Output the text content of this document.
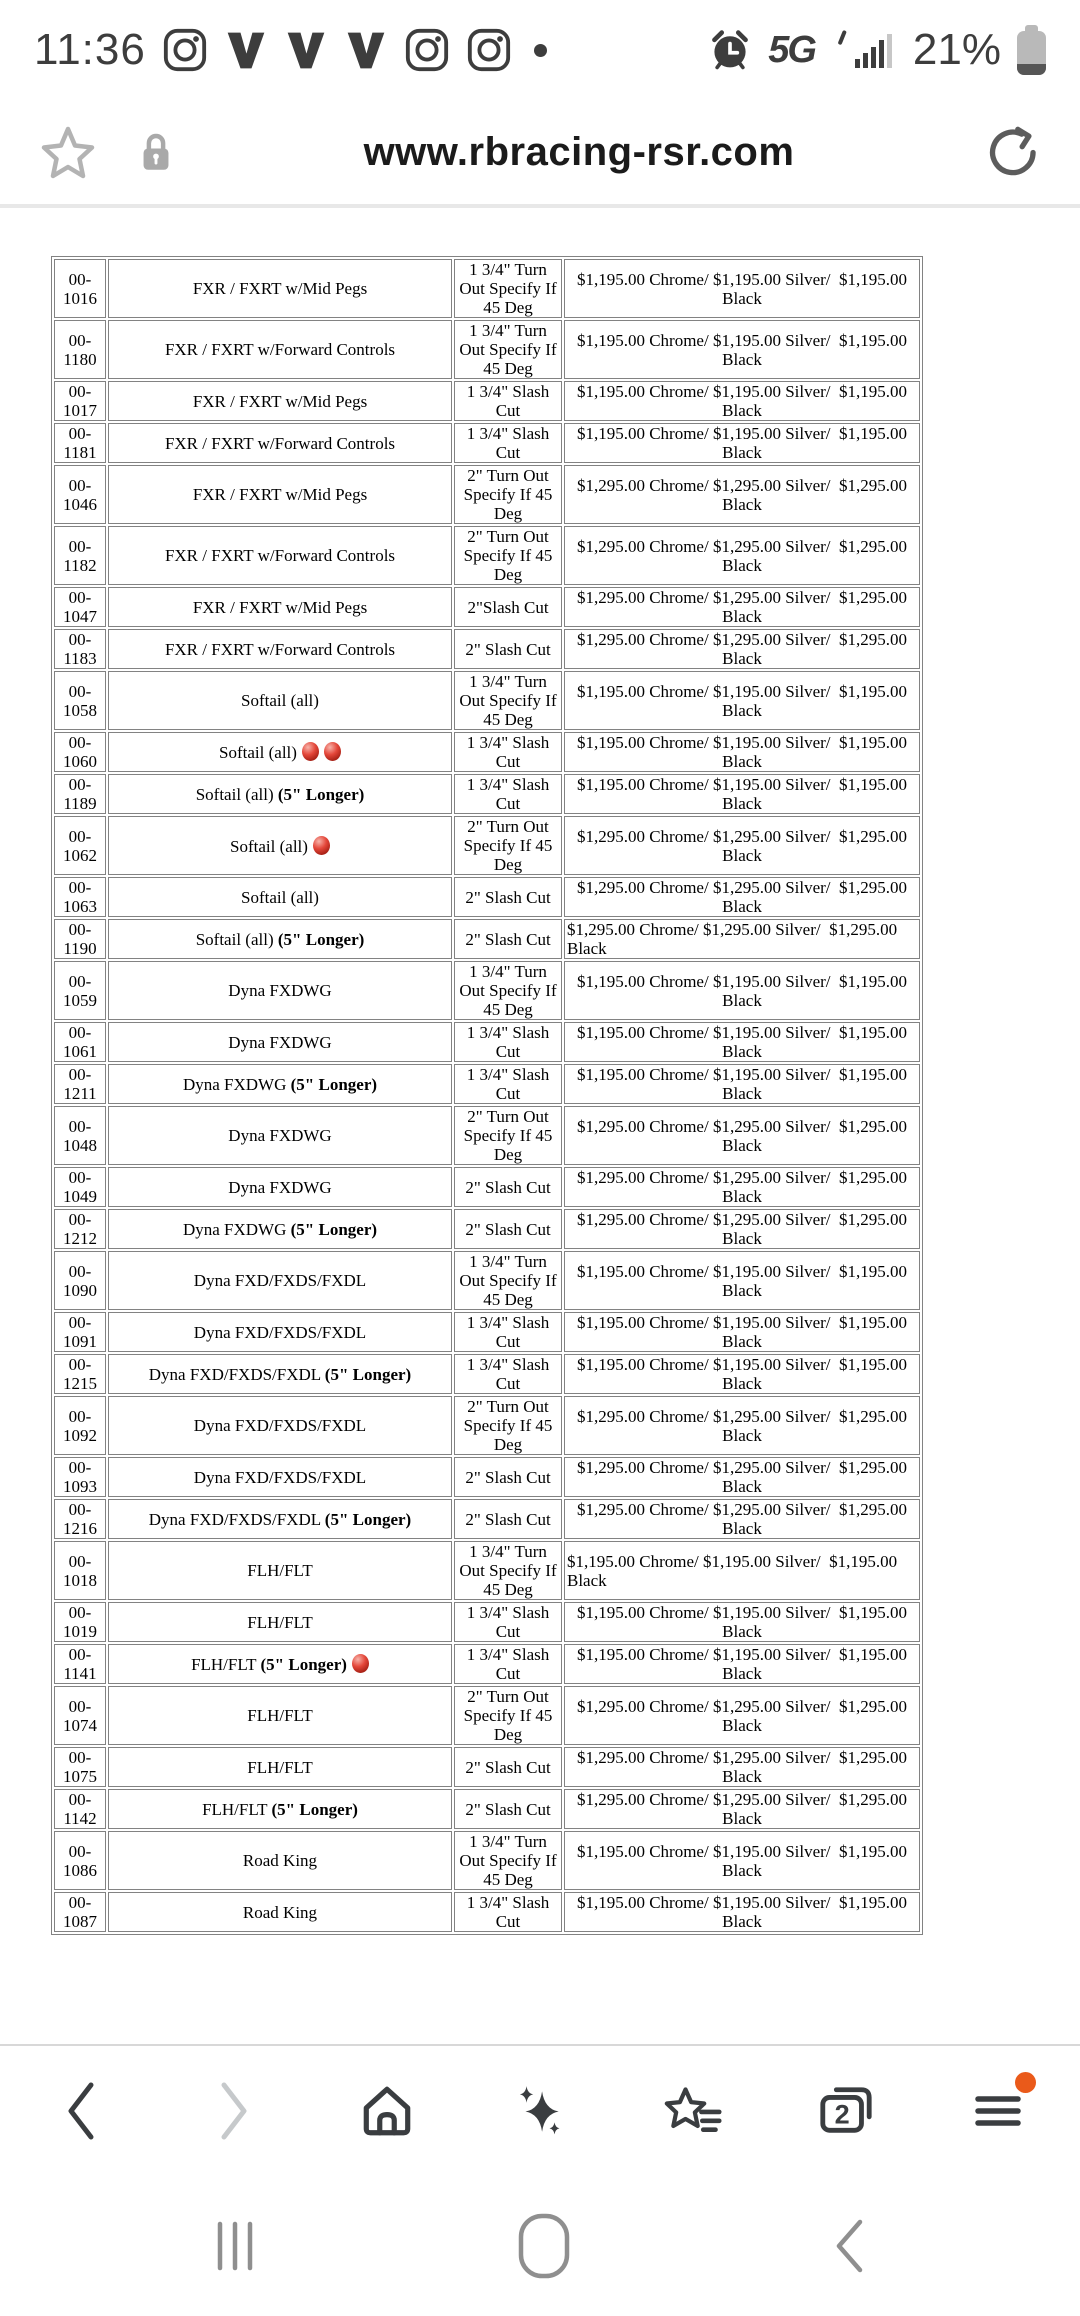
11:36	5G 21%
www.rbracing-rsr.com
00-1016	FXR / FXRT w/Mid Pegs	1 3/4" Turn Out Specify If 45 Deg	$1,195.00 Chrome/ $1,195.00 Silver/  $1,195.00 Black
00-1180	FXR / FXRT w/Forward Controls	1 3/4" Turn Out Specify If 45 Deg	$1,195.00 Chrome/ $1,195.00 Silver/  $1,195.00 Black
00-1017	FXR / FXRT w/Mid Pegs	1 3/4" Slash Cut	$1,195.00 Chrome/ $1,195.00 Silver/  $1,195.00 Black
00-1181	FXR / FXRT w/Forward Controls	1 3/4" Slash Cut	$1,195.00 Chrome/ $1,195.00 Silver/  $1,195.00 Black
00-1046	FXR / FXRT w/Mid Pegs	2" Turn Out Specify If 45 Deg	$1,295.00 Chrome/ $1,295.00 Silver/  $1,295.00 Black
00-1182	FXR / FXRT w/Forward Controls	2" Turn Out Specify If 45 Deg	$1,295.00 Chrome/ $1,295.00 Silver/  $1,295.00 Black
00-1047	FXR / FXRT w/Mid Pegs	2"Slash Cut	$1,295.00 Chrome/ $1,295.00 Silver/  $1,295.00 Black
00-1183	FXR / FXRT w/Forward Controls	2" Slash Cut	$1,295.00 Chrome/ $1,295.00 Silver/  $1,295.00 Black
00-1058	Softail (all)	1 3/4" Turn Out Specify If 45 Deg	$1,195.00 Chrome/ $1,195.00 Silver/  $1,195.00 Black
00-1060	Softail (all)	1 3/4" Slash Cut	$1,195.00 Chrome/ $1,195.00 Silver/  $1,195.00 Black
00-1189	Softail (all) (5" Longer)	1 3/4" Slash Cut	$1,195.00 Chrome/ $1,195.00 Silver/  $1,195.00 Black
00-1062	Softail (all)	2" Turn Out Specify If 45 Deg	$1,295.00 Chrome/ $1,295.00 Silver/  $1,295.00 Black
00-1063	Softail (all)	2" Slash Cut	$1,295.00 Chrome/ $1,295.00 Silver/  $1,295.00 Black
00-1190	Softail (all) (5" Longer)	2" Slash Cut	$1,295.00 Chrome/ $1,295.00 Silver/  $1,295.00 Black
00-1059	Dyna FXDWG	1 3/4" Turn Out Specify If 45 Deg	$1,195.00 Chrome/ $1,195.00 Silver/  $1,195.00 Black
00-1061	Dyna FXDWG	1 3/4" Slash Cut	$1,195.00 Chrome/ $1,195.00 Silver/  $1,195.00 Black
00-1211	Dyna FXDWG (5" Longer)	1 3/4" Slash Cut	$1,195.00 Chrome/ $1,195.00 Silver/  $1,195.00 Black
00-1048	Dyna FXDWG	2" Turn Out Specify If 45 Deg	$1,295.00 Chrome/ $1,295.00 Silver/  $1,295.00 Black
00-1049	Dyna FXDWG	2" Slash Cut	$1,295.00 Chrome/ $1,295.00 Silver/  $1,295.00 Black
00-1212	Dyna FXDWG (5" Longer)	2" Slash Cut	$1,295.00 Chrome/ $1,295.00 Silver/  $1,295.00 Black
00-1090	Dyna FXD/FXDS/FXDL	1 3/4" Turn Out Specify If 45 Deg	$1,195.00 Chrome/ $1,195.00 Silver/  $1,195.00 Black
00-1091	Dyna FXD/FXDS/FXDL	1 3/4" Slash Cut	$1,195.00 Chrome/ $1,195.00 Silver/  $1,195.00 Black
00-1215	Dyna FXD/FXDS/FXDL (5" Longer)	1 3/4" Slash Cut	$1,195.00 Chrome/ $1,195.00 Silver/  $1,195.00 Black
00-1092	Dyna FXD/FXDS/FXDL	2" Turn Out Specify If 45 Deg	$1,295.00 Chrome/ $1,295.00 Silver/  $1,295.00 Black
00-1093	Dyna FXD/FXDS/FXDL	2" Slash Cut	$1,295.00 Chrome/ $1,295.00 Silver/  $1,295.00 Black
00-1216	Dyna FXD/FXDS/FXDL (5" Longer)	2" Slash Cut	$1,295.00 Chrome/ $1,295.00 Silver/  $1,295.00 Black
00-1018	FLH/FLT	1 3/4" Turn Out Specify If 45 Deg	$1,195.00 Chrome/ $1,195.00 Silver/  $1,195.00 Black
00-1019	FLH/FLT	1 3/4" Slash Cut	$1,195.00 Chrome/ $1,195.00 Silver/  $1,195.00 Black
00-1141	FLH/FLT (5" Longer)	1 3/4" Slash Cut	$1,195.00 Chrome/ $1,195.00 Silver/  $1,195.00 Black
00-1074	FLH/FLT	2" Turn Out Specify If 45 Deg	$1,295.00 Chrome/ $1,295.00 Silver/  $1,295.00 Black
00-1075	FLH/FLT	2" Slash Cut	$1,295.00 Chrome/ $1,295.00 Silver/  $1,295.00 Black
00-1142	FLH/FLT (5" Longer)	2" Slash Cut	$1,295.00 Chrome/ $1,295.00 Silver/  $1,295.00 Black
00-1086	Road King	1 3/4" Turn Out Specify If 45 Deg	$1,195.00 Chrome/ $1,195.00 Silver/  $1,195.00 Black
00-1087	Road King	1 3/4" Slash Cut	$1,195.00 Chrome/ $1,195.00 Silver/  $1,195.00 Black
2
